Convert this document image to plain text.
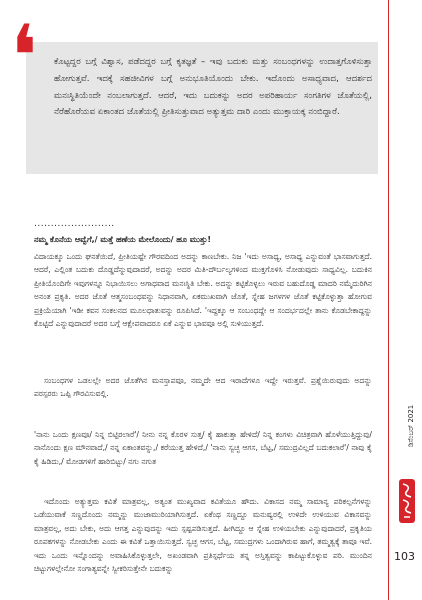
❛ ಕೊಟ್ಟದ್ದರ ಬಗ್ಗೆ ವಿಶ್ವಾಸ, ಪಡೆದದ್ದರ ಬಗ್ಗೆ ಕೃತಜ್ಞತೆ – ಇವು ಬದುಕು ಮತ್ತು ಸಂಬಂಧಗಳನ್ನು ಉದಾತ್ತಗೊಳಿಸುತ್ತಾ ಹೋಗುತ್ತವೆ. ಇದಕ್ಕೆ ಸಹಜೀವಿಗಳ ಬಗ್ಗೆ ಅನುಭೂತಿಯೊಂದು ಬೇಕು. ಇದೊಂದು ಅಸಾಧ್ಯವಾದ, ಆದರ್ಶದ ಮನಃಸ್ಥಿತಿಯೆಂದೇ ನಂಬಲಾಗುತ್ತದೆ. ಆದರೆ, ಇದು ಬದುಕನ್ನು ಅದರ ಅಪರಿಹಾರ್ಯ ಸಂಗತಿಗಳ ಜೊತೆಯಲ್ಲಿ, ನೆರೆಹೊರೆಯವ ಏಕಾಂತದ ಜೊತೆಯಲ್ಲಿ ಪ್ರೀತಿಸುತ್ತುವಾದ ಅತ್ಯುತ್ತಮ ದಾರಿ ಎಂದು ಮುಕ್ತಾಯಕ್ಕ ನಂಬಿದ್ದಾರೆ.

........................

ನಮ್ಮ ಕೊನೆಯ ಆವ್ವೆಗೆ,/ ಮತ್ತೆ ಹಣೆಯ ಮೇಲೊಂದು/ ಹೂ ಮುತ್ತು!

ವಿದಾಯಕ್ಕೂ ಒಂದು ಘನತೆಯಿದೆ, ಪ್ರೀತಿಯಷ್ಟೇ ಗೌರವದಿಂದ ಅದನ್ನು ಕಾಣಬೇಕು. ನಿಜ 'ಇದು ಅಸಾಧ್ಯ, ಅಸಾಧ್ಯ ಎನ್ನುವಂತೆ ಭಾಸವಾಗುತ್ತದೆ. ಆದರೆ, ಎಲ್ಲಿಂತ ಬದುಕು ದೊಡ್ಡದೆನ್ನುವುದಾದರೆ, ಅದನ್ನು ಅದರ ಮಿತಿ-ದೌರ್ಬಲ್ಯಗಳಿಂದ ಮುಕ್ತಗೊಳಿಸಿ ನೋಡುವುದು ಸಾಧ್ಯವಿಲ್ಲ. ಬದುಕಿನ ಪ್ರೀತಿಯೊಂದಿಗೇ ಇವುಗಳನ್ನೂ ನಿಭಾಯಿಸಲು ಅಗಾಧವಾದ ಮನಃಸ್ಥಿತಿ ಬೇಕು. ಅದನ್ನು ಕಟ್ಟಿಕೊಳ್ಳಲು ಇರುವ ಬಹುದೊಡ್ಡ ಮಾದರಿ ನಮ್ಮೆದುರಿಗಿನ ಅನಂತ ಪ್ರಕೃತಿ. ಅದರ ಜೊತೆ ಆತ್ಮಸಂಬಂಧವನ್ನು ನಿಧಾನವಾಗಿ, ಏಕಮುಖವಾಗಿ ಜೊತೆ, ಸ್ನೇಹ ಜಗಳಗಳ ಜೊತೆ ಕಟ್ಟಿಕೊಳ್ಳುತ್ತಾ ಹೋಗುವ ಪ್ರಕ್ರಿಯೆಯಾಗಿ 'ಇಡೀ ಕವನ ಸಂಕಲನದ ಮೂಲಧಾತುವನ್ನು ರೂಪಿಸಿದೆ. 'ಇದ್ದಕ್ಕೂ ಆ ಸಂಬಂಧದ್ದೇ ಆ ಸಂದರ್ಭದಲ್ಲೇ ತಾನು ಕೊಡಬೇಕಾದ್ದನ್ನು ಕೊಟ್ಟಿದೆ ಎನ್ನುವುದಾದರೆ ಅದರ ಬಗ್ಗೆ ಆಕ್ಷೇಪವಾದರೂ ಏಕೆ ಎನ್ನುವ ಭಾವವೂ ಅಲ್ಲಿ ಸುಳಿಯುತ್ತದೆ.

ಸಂಬಂಧಗಳ ಒಡಲಲ್ಲೇ ಅದರ ಜೊತೆಗಿನ ಮನಸ್ತಾಪವೂ, ನಮ್ಮದೇ ಆದ ಇರಾದೆಗಳೂ ಇದ್ದೇ ಇರುತ್ತವೆ. ಪ್ರಶ್ನೆಯಿರುವುದು ಅದನ್ನು ಪರಸ್ಪರರು ಒಪ್ಪಿ ಗೌರವಿಸುವಲ್ಲಿ.

'ನಾನು ಒಂದು ಕ್ಷಣವೂ/ ನಿನ್ನ ಬಿಟ್ಟಿರಲಾರೆ'/ ನೀನು ನನ್ನ ಕೊರಳ ಸುತ್ತ/ ಕೈ ಹಾಕುತ್ತಾ ಹೇಳಿದೆ/ ನಿನ್ನ ಕಂಗಳು ವಿಚಿತ್ರವಾಗಿ ಹೊಳೆಯುತ್ತಿದ್ದುವು/ ನಾನೊಂದು ಕ್ಷಣ ಮೌನವಾದೆ,/ ನನ್ನ ಏಕಾಂತವನ್ನು,/ ಕರೆಯುತ್ತ ಹೇಳಿದೆ,/ 'ನಾನು ಸ್ವಚ್ಛ ಆಗಸ, ಬೆಟ್ಟ,/ ಸಮುದ್ರವಿಲ್ಲದೆ ಬದುಕಲಾರೆ'/ ನಾವು ಕೈ ಕೈ ಹಿಡಿದು,/ ಮೋಡಗಳಿಗೆ ಹಾರಿಬಿಟ್ಟು/ ನಗು ನಗುತ

ಇದೊಂದು ಅತ್ಯುತ್ತಮ ಕವಿತೆ ಮಾತ್ರವಲ್ಲ, ಅತ್ಯಂತ ಮುಖ್ಯವಾದ ಕವಿತೆಯೂ ಹೌದು. ವಿಕಾಸದ ನಮ್ಮ ಸಾಮಾನ್ಯ ಪರಿಕಲ್ಪನೆಗಳನ್ನು ಒಡೆಯುವಾಕೆ ಸಣ್ಣದೊಂದು ನಮ್ಮನ್ನು ಮುಜಾಮುರಿಯಾಗಿಸುತ್ತದೆ. ಏಕೆಂಥ ಸಣ್ಣದ್ದೂ ಮನುಷ್ಯರಲ್ಲಿ ಉಳಿದೇ ಉಳಿಯುವ ವಿಕಾಸವನ್ನು ಮಾತ್ರವಲ್ಲ, ಅದು ಬೇಕು, ಅದು ಆಗತ್ತ ಎನ್ನುವುದನ್ನು ಇದು ಸ್ಪಷ್ಟಪಡಿಸುತ್ತದೆ. ಹೀಗಿದ್ದೂ ಆ ಸ್ನೇಹ ಉಳಿಯಬೇಕು ಎನ್ನುವುದಾದರೆ, ಪ್ರಕೃತಿಯ ರೂಪಕಗಳನ್ನು ನೋಡಬೇಕು ಎಂದು ಈ ಕವಿತೆ ಒತ್ತಾಯಿಸುತ್ತದೆ. ಸ್ವಚ್ಛ ಆಗಸ, ಬೆಟ್ಟ, ಸಮುದ್ರಗಳು ಒಂದಾಗಿರುವ ಹಾಗೆ, ತಮ್ಮತ್ವಕ್ಕೆ ತಾವೂ ಇವೆ. ಇದು ಒಂದು ಇನ್ನೊಂದನ್ನು ಅವಾಹಿಸಿಕೊಳ್ಳುತ್ತಲೇ, ಅಖಂಡವಾಗಿ ಪ್ರತಿಸ್ಪರ್ಧೆಯ ತನ್ನ ಅಸ್ತಿತ್ವವನ್ನು ಕಾಪಿಟ್ಟುಕೊಳ್ಳುವ ಪರಿ. ಮುಂದಿನ ಚಿಟ್ಟುಗಳಲ್ಲೇನೋ ಸಂಗಾತ್ಯವನ್ನೇ ಸ್ವೀಕರಿಸುತ್ತೇನೇ ಬದುಕನ್ನು

ಡಿಸೆಂಬರ್ 2021
103
